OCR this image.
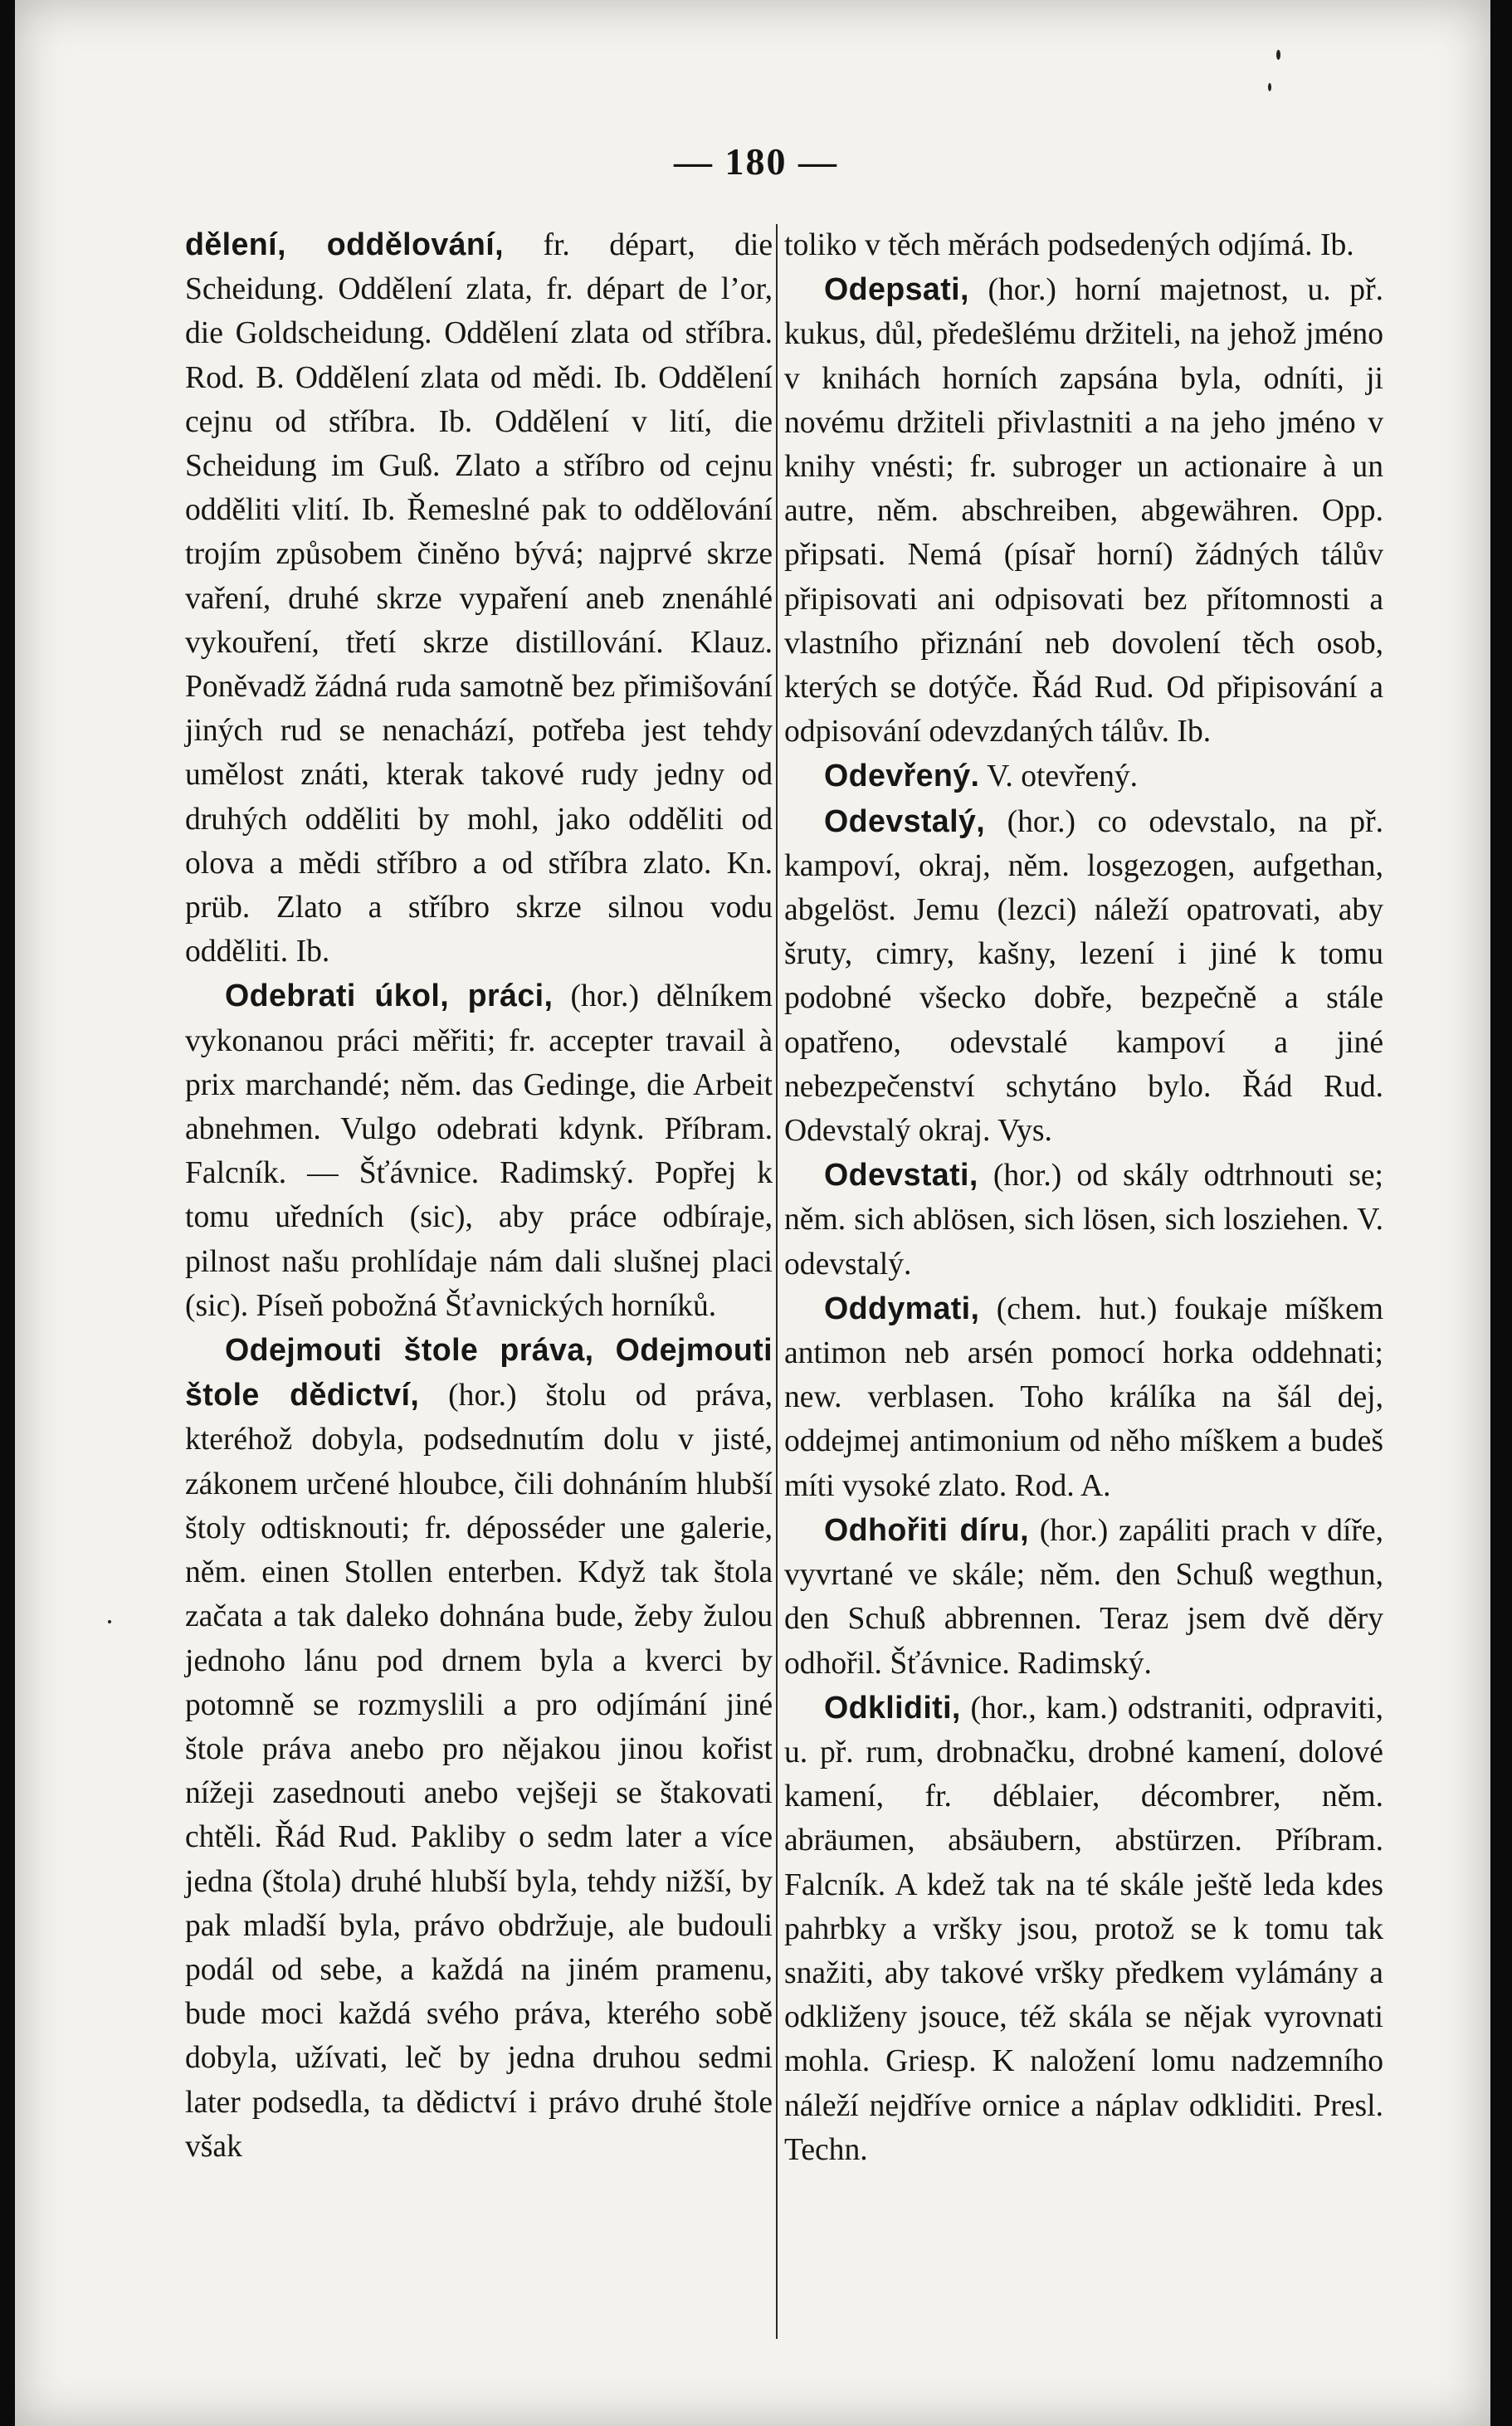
— 180 —

dělení, oddělování, fr. départ, die Scheidung. Oddělení zlata, fr. départ de l’or, die Goldscheidung. Oddělení zlata od stříbra. Rod. B. Oddělení zlata od mědi. Ib. Oddělení cejnu od stříbra. Ib. Oddělení v lití, die Scheidung im Guß. Zlato a stříbro od cejnu odděliti vlití. Ib. Řemeslné pak to oddělování trojím způsobem činěno bývá; najprvé skrze vaření, druhé skrze vypaření aneb znenáhlé vykouření, třetí skrze distillování. Klauz. Poněvadž žádná ruda samotně bez přimišování jiných rud se nenachází, potřeba jest tehdy umělost znáti, kterak takové rudy jedny od druhých odděliti by mohl, jako odděliti od olova a mědi stříbro a od stříbra zlato. Kn. prüb. Zlato a stříbro skrze silnou vodu odděliti. Ib.

Odebrati úkol, práci, (hor.) dělníkem vykonanou práci měřiti; fr. accepter travail à prix marchandé; něm. das Gedinge, die Arbeit abnehmen. Vulgo odebrati kdynk. Příbram. Falcník. — Šťávnice. Radimský. Popřej k tomu uředních (sic), aby práce odbíraje, pilnost našu prohlídaje nám dali slušnej placi (sic). Píseň pobožná Šťavnických horníků.

Odejmouti štole práva, Odejmouti štole dědictví, (hor.) štolu od práva, kteréhož dobyla, podsednutím dolu v jisté, zákonem určené hloubce, čili dohnáním hlubší štoly odtisknouti; fr. déposséder une galerie, něm. einen Stollen enterben. Když tak štola začata a tak daleko dohnána bude, žeby žulou jednoho lánu pod drnem byla a kverci by potomně se rozmyslili a pro odjímání jiné štole práva anebo pro nějakou jinou kořist nížeji zasednouti anebo vejšeji se štakovati chtěli. Řád Rud. Pakliby o sedm later a více jedna (štola) druhé hlubší byla, tehdy nižší, by pak mladší byla, právo obdržuje, ale budouli podál od sebe, a každá na jiném pramenu, bude moci každá svého práva, kterého sobě dobyla, užívati, leč by jedna druhou sedmi later podsedla, ta dědictví i právo druhé štole však

toliko v těch měrách podsedených odjímá. Ib.

Odepsati, (hor.) horní majetnost, u. př. kukus, důl, předešlému držiteli, na jehož jméno v knihách horních zapsána byla, odníti, ji novému držiteli přivlastniti a na jeho jméno v knihy vnésti; fr. subroger un actionaire à un autre, něm. abschreiben, abgewähren. Opp. připsati. Nemá (písař horní) žádných tálův připisovati ani odpisovati bez přítomnosti a vlastního přiznání neb dovolení těch osob, kterých se dotýče. Řád Rud. Od připisování a odpisování odevzdaných tálův. Ib.

Odevřený. V. otevřený.

Odevstalý, (hor.) co odevstalo, na př. kampoví, okraj, něm. losgezogen, aufgethan, abgelöst. Jemu (lezci) náleží opatrovati, aby šruty, cimry, kašny, lezení i jiné k tomu podobné všecko dobře, bezpečně a stále opatřeno, odevstalé kampoví a jiné nebezpečenství schytáno bylo. Řád Rud. Odevstalý okraj. Vys.

Odevstati, (hor.) od skály odtrhnouti se; něm. sich ablösen, sich lösen, sich losziehen. V. odevstalý.

Oddymati, (chem. hut.) foukaje míškem antimon neb arsén pomocí horka oddehnati; new. verblasen. Toho králíka na šál dej, oddejmej antimonium od něho míškem a budeš míti vysoké zlato. Rod. A.

Odhořiti díru, (hor.) zapáliti prach v díře, vyvrtané ve skále; něm. den Schuß wegthun, den Schuß abbrennen. Teraz jsem dvě děry odhořil. Šťávnice. Radimský.

Odkliditi, (hor., kam.) odstraniti, odpraviti, u. př. rum, drobnačku, drobné kamení, dolové kamení, fr. déblaier, décombrer, něm. abräumen, absäubern, abstürzen. Příbram. Falcník. A kdež tak na té skále ještě leda kdes pahrbky a vršky jsou, protož se k tomu tak snažiti, aby takové vršky předkem vylámány a odkliženy jsouce, též skála se nějak vyrovnati mohla. Griesp. K naložení lomu nadzemního náleží nejdříve ornice a náplav odkliditi. Presl. Techn.
